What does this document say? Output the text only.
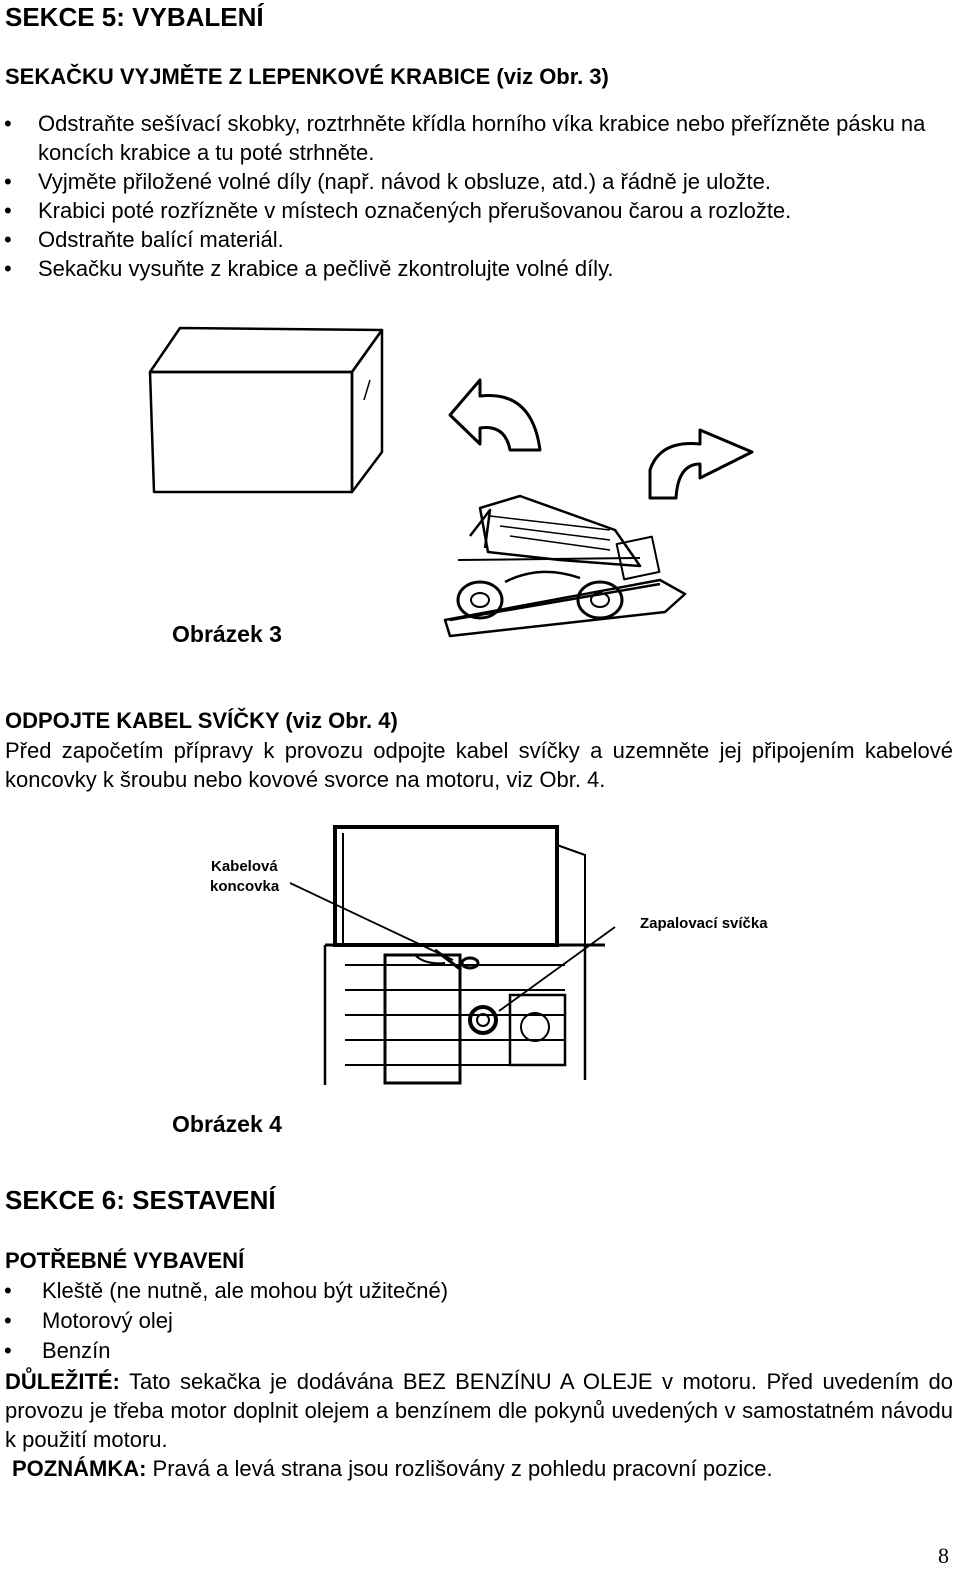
SEKCE 5: VYBALENÍ
SEKAČKU VYJMĚTE Z LEPENKOVÉ KRABICE (viz Obr. 3)
• Odstraňte sešívací skobky, roztrhněte křídla horního víka krabice nebo přeřízněte pásku na koncích krabice a tu poté strhněte.
• Vyjměte přiložené volné díly (např. návod k obsluze, atd.) a řádně je uložte.
• Krabici poté rozřízněte v místech označených přerušovanou čarou a rozložte.
• Odstraňte balící materiál.
• Sekačku vysuňte z krabice a pečlivě zkontrolujte volné díly.
Obrázek 3
ODPOJTE KABEL SVÍČKY (viz Obr. 4)
Před započetím přípravy k provozu odpojte kabel svíčky a uzemněte jej připojením kabelové koncovky k šroubu nebo kovové svorce na motoru, viz Obr. 4.
Kabelová
koncovka
Zapalovací svíčka
Obrázek 4
SEKCE 6: SESTAVENÍ
POTŘEBNÉ VYBAVENÍ
• Kleště (ne nutně, ale mohou být užitečné)
• Motorový olej
• Benzín
DŮLEŽITÉ: Tato sekačka je dodávána BEZ BENZÍNU A OLEJE v motoru. Před uvedením do provozu je třeba motor doplnit olejem a benzínem dle pokynů uvedených v samostatném návodu k použití motoru.
POZNÁMKA: Pravá a levá strana jsou rozlišovány z pohledu pracovní pozice.
8
